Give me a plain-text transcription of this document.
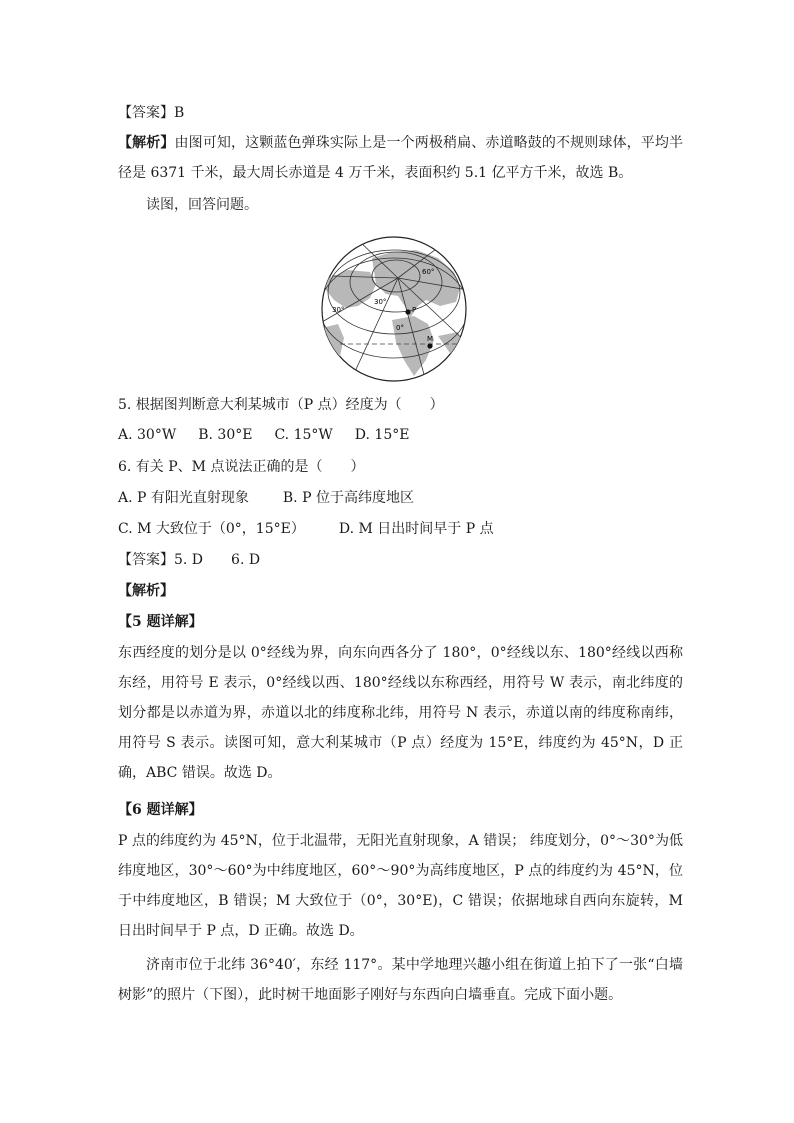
【答案】B

【解析】由图可知，这颗蓝色弹珠实际上是一个两极稍扁、赤道略鼓的不规则球体，平均半径是 6371 千米，最大周长赤道是 4 万千米，表面积约 5.1 亿平方千米，故选 B。

读图，回答问题。

60°
30°
30°
0°
P
M

5. 根据图判断意大利某城市（P 点）经度为（　　）

A. 30°W B. 30°E C. 15°W D. 15°E

6. 有关 P、M 点说法正确的是（　　）

A. P 有阳光直射现象 B. P 位于高纬度地区

C. M 大致位于（0°，15°E） D. M 日出时间早于 P 点

【答案】5. D　　6. D

【解析】

【5 题详解】

东西经度的划分是以 0°经线为界，向东向西各分了 180°，0°经线以东、180°经线以西称东经，用符号 E 表示，0°经线以西、180°经线以东称西经，用符号 W 表示，南北纬度的划分都是以赤道为界，赤道以北的纬度称北纬，用符号 N 表示，赤道以南的纬度称南纬，用符号 S 表示。读图可知，意大利某城市（P 点）经度为 15°E，纬度约为 45°N，D 正确，ABC 错误。故选 D。

【6 题详解】

P 点的纬度约为 45°N，位于北温带，无阳光直射现象，A 错误； 纬度划分，0°～30°为低纬度地区，30°～60°为中纬度地区，60°～90°为高纬度地区，P 点的纬度约为 45°N，位于中纬度地区，B 错误；M 大致位于（0°，30°E)，C 错误；依据地球自西向东旋转，M 日出时间早于 P 点，D 正确。故选 D。

济南市位于北纬 36°40′，东经 117°。某中学地理兴趣小组在街道上拍下了一张“白墙树影”的照片（下图），此时树干地面影子刚好与东西向白墙垂直。完成下面小题。
